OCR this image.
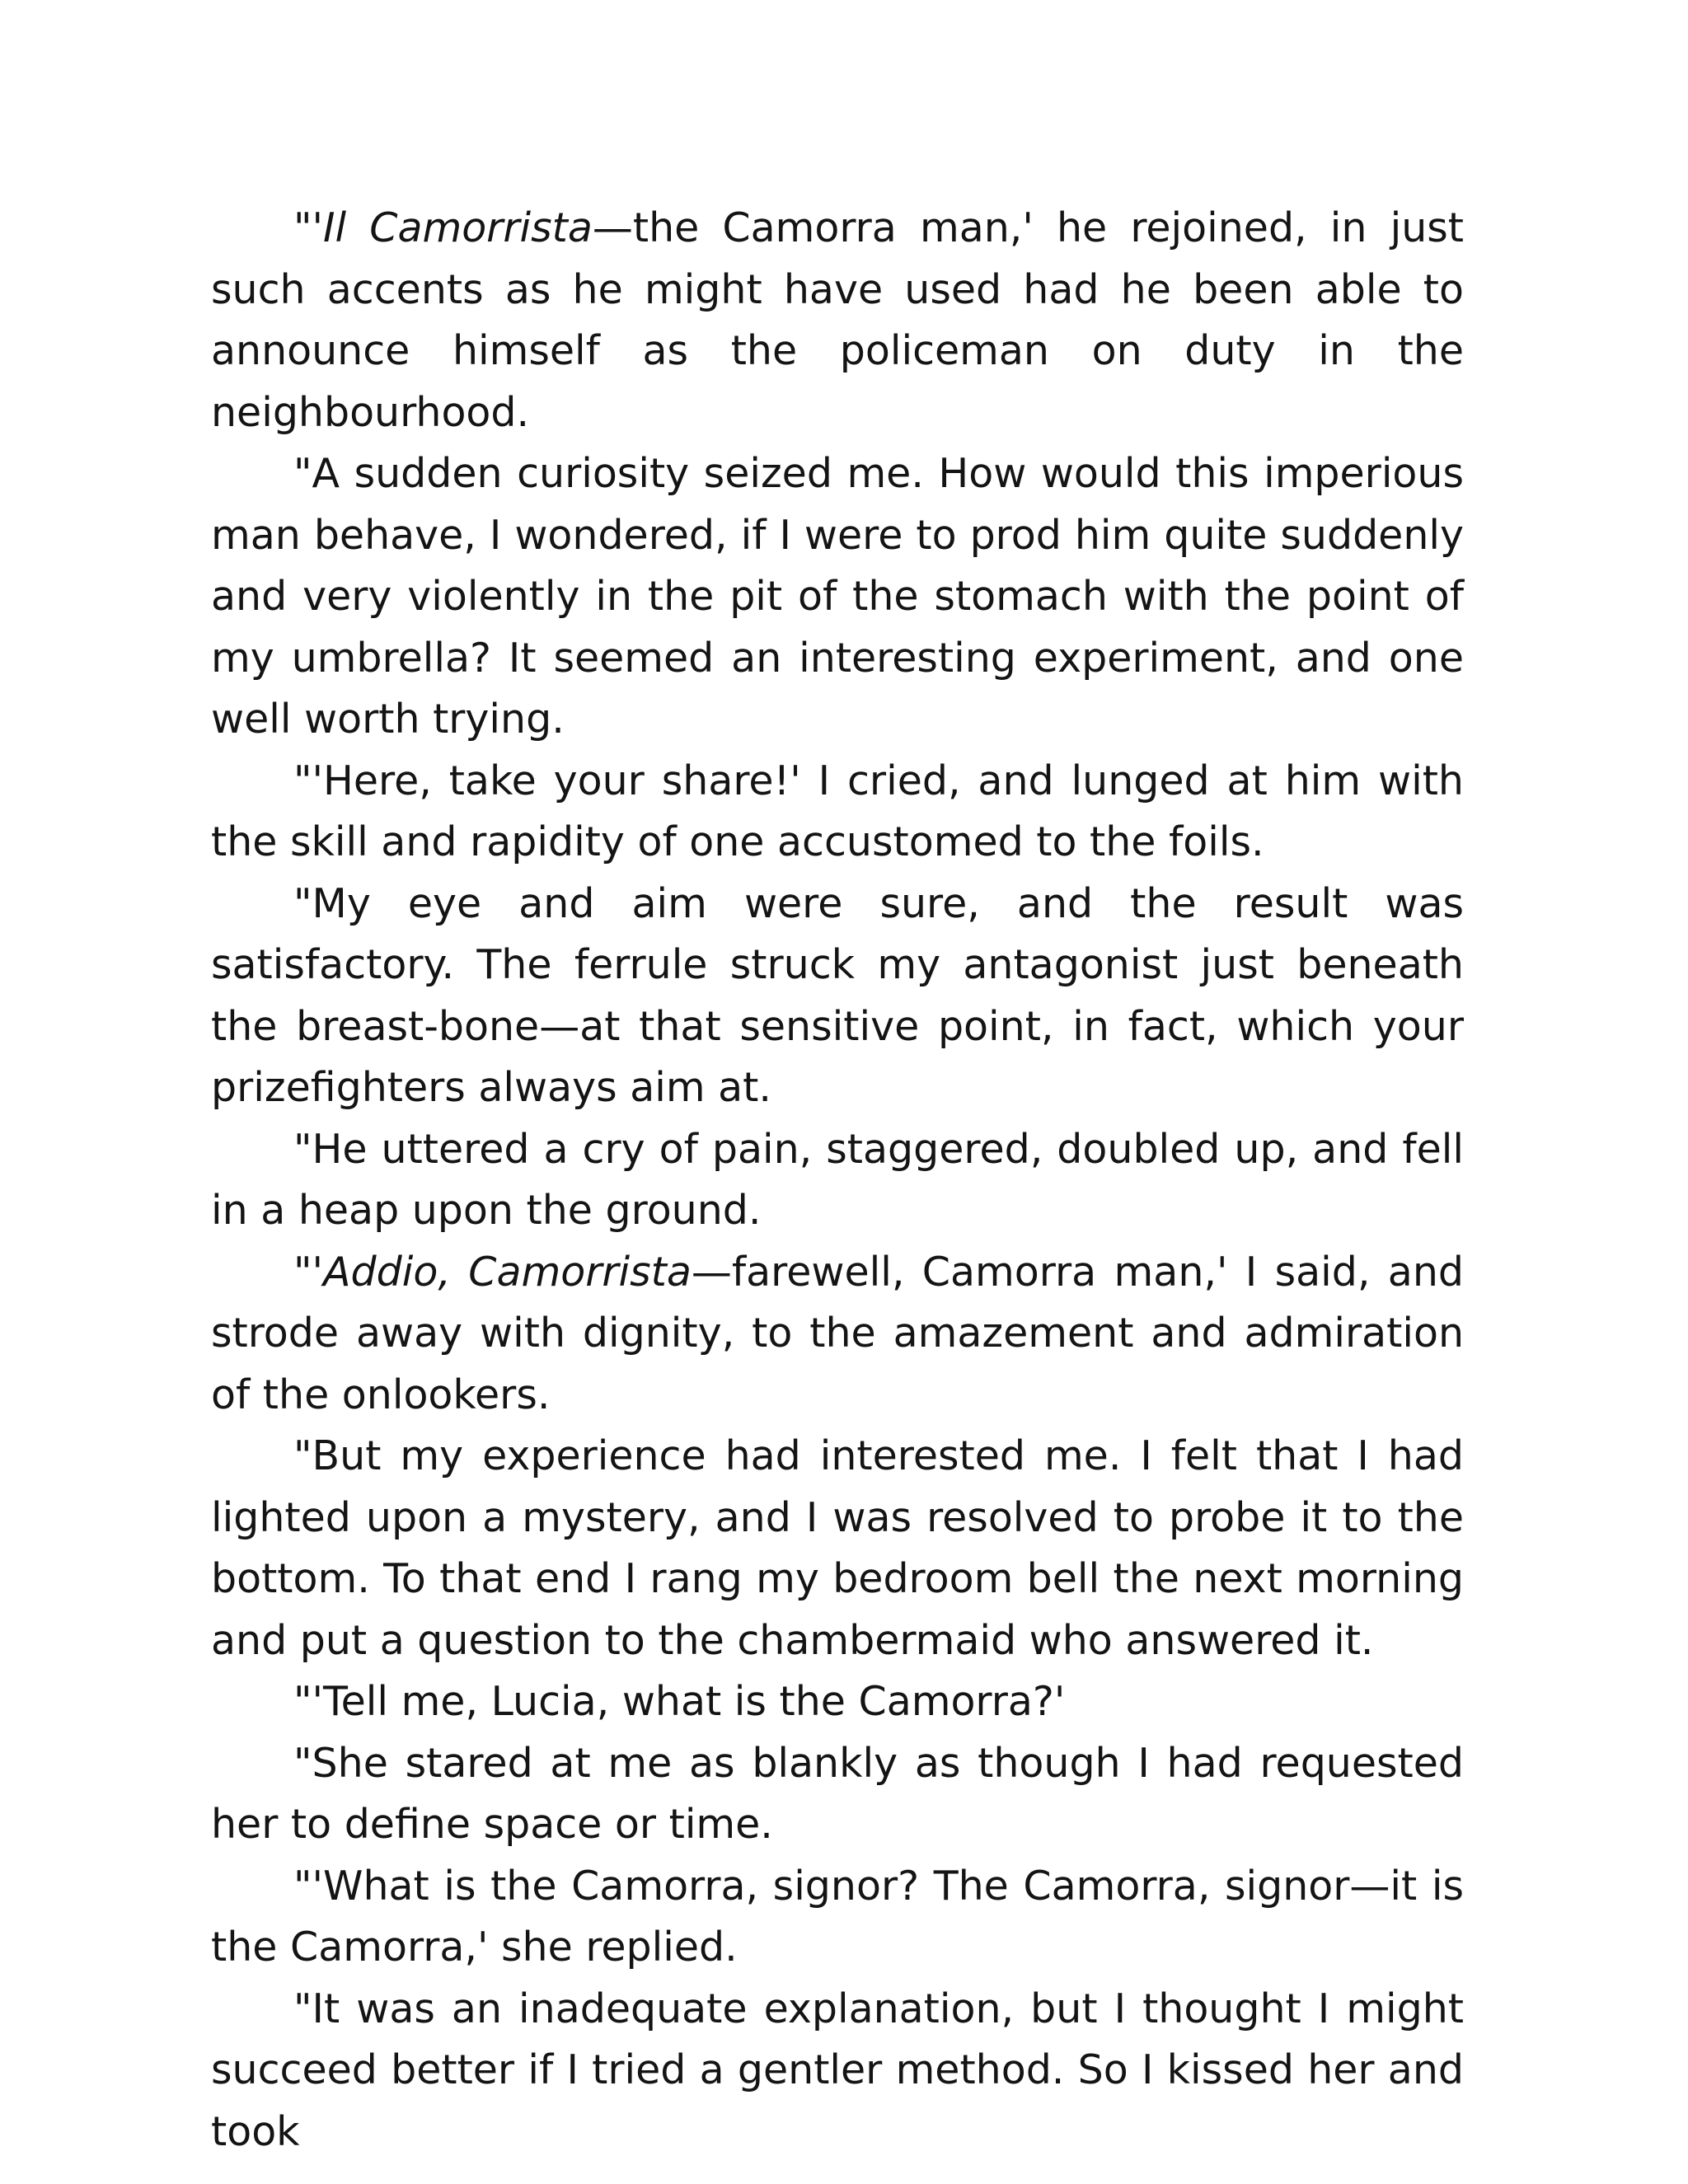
"'Il Camorrista—the Camorra man,' he rejoined, in just such accents as he might have used had he been able to announce himself as the policeman on duty in the neighbourhood.

"A sudden curiosity seized me. How would this imperious man behave, I wondered, if I were to prod him quite suddenly and very violently in the pit of the stomach with the point of my umbrella? It seemed an interesting experiment, and one well worth trying.

"'Here, take your share!' I cried, and lunged at him with the skill and rapidity of one accustomed to the foils.

"My eye and aim were sure, and the result was satisfactory. The ferrule struck my antagonist just beneath the breast-bone—at that sensitive point, in fact, which your prizefighters always aim at.

"He uttered a cry of pain, staggered, doubled up, and fell in a heap upon the ground.

"'Addio, Camorrista—farewell, Camorra man,' I said, and strode away with dignity, to the amazement and admiration of the onlookers.

"But my experience had interested me. I felt that I had lighted upon a mystery, and I was resolved to probe it to the bottom. To that end I rang my bedroom bell the next morning and put a question to the chambermaid who answered it.

"'Tell me, Lucia, what is the Camorra?'

"She stared at me as blankly as though I had requested her to define space or time.

"'What is the Camorra, signor? The Camorra, signor—it is the Camorra,' she replied.

"It was an inadequate explanation, but I thought I might succeed better if I tried a gentler method. So I kissed her and took
